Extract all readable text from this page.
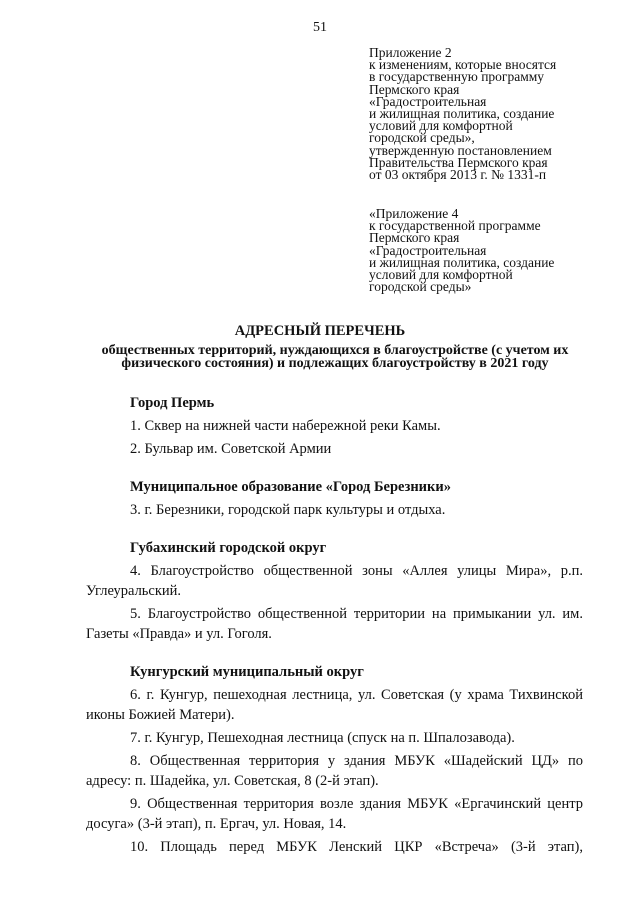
51
Приложение 2
к изменениям, которые вносятся
в государственную программу
Пермского края
«Градостроительная
и жилищная политика, создание
условий для комфортной
городской среды»,
утвержденную постановлением
Правительства Пермского края
от 03 октября 2013 г. № 1331-п
«Приложение 4
к государственной программе
Пермского края
«Градостроительная
и жилищная политика, создание
условий для комфортной
городской среды»
АДРЕСНЫЙ ПЕРЕЧЕНЬ
общественных территорий, нуждающихся в благоустройстве (с учетом их физического состояния) и подлежащих благоустройству в 2021 году
Город Пермь

1. Сквер на нижней части набережной реки Камы.

2. Бульвар им. Советской Армии

Муниципальное образование «Город Березники»

3. г. Березники, городской парк культуры и отдыха.

Губахинский городской округ

4. Благоустройство общественной зоны «Аллея улицы Мира», р.п. Углеуральский.

5. Благоустройство общественной территории на примыкании ул. им. Газеты «Правда» и ул. Гоголя.

Кунгурский муниципальный округ

6. г. Кунгур, пешеходная лестница, ул. Советская (у храма Тихвинской иконы Божией Матери).

7. г. Кунгур, Пешеходная лестница (спуск на п. Шпалозавода).

8. Общественная территория у здания МБУК «Шадейский ЦД» по адресу: п. Шадейка, ул. Советская, 8 (2-й этап).

9. Общественная территория возле здания МБУК «Ергачинский центр досуга» (3-й этап), п. Ергач, ул. Новая, 14.

10. Площадь перед МБУК Ленский ЦКР «Встреча» (3-й этап),
